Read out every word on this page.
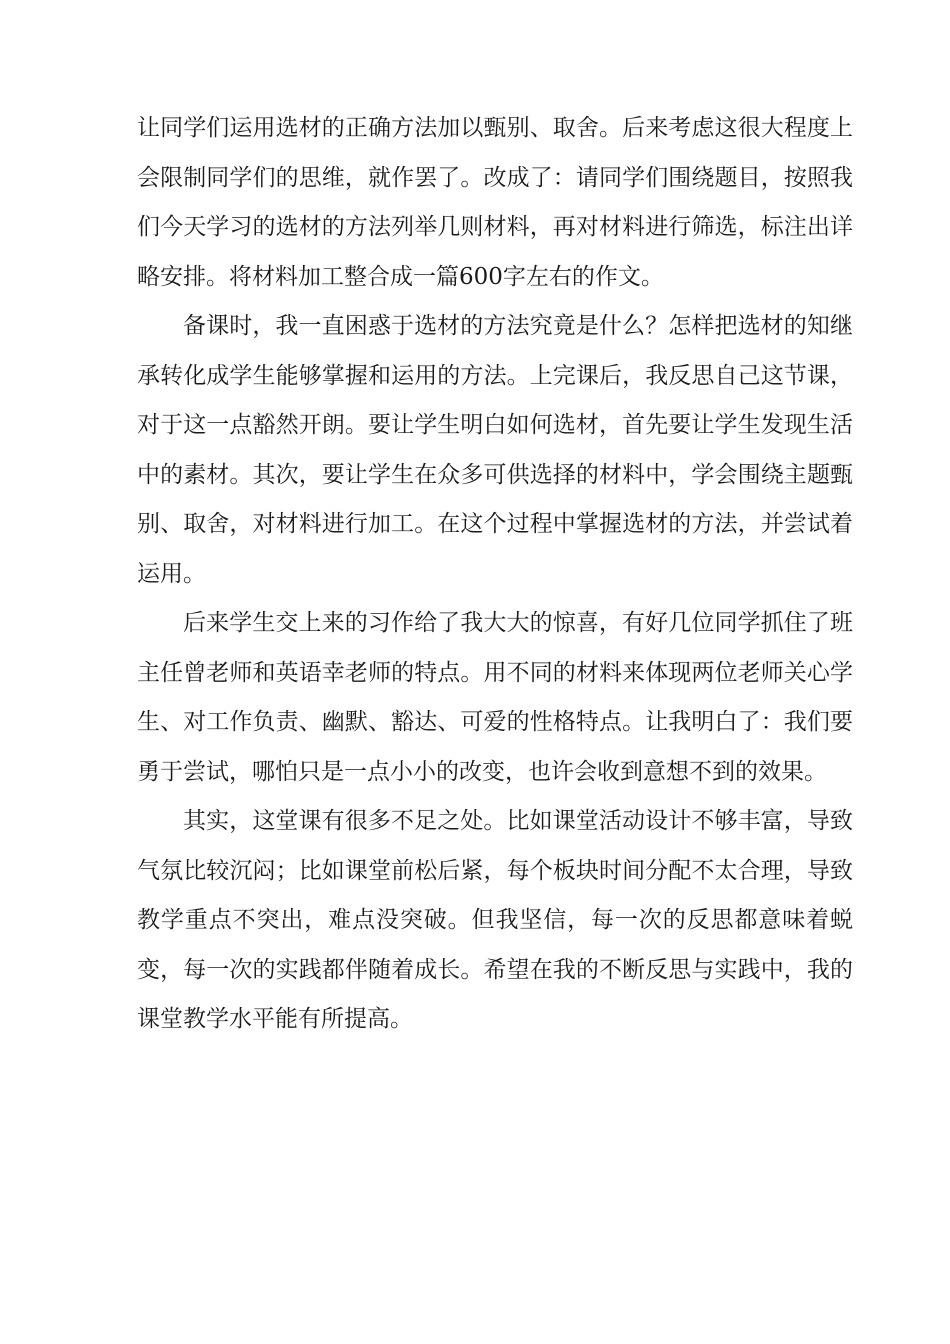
让同学们运用选材的正确方法加以甄别、取舍。后来考虑这很大程度上会限制同学们的思维，就作罢了。改成了：请同学们围绕题目，按照我们今天学习的选材的方法列举几则材料，再对材料进行筛选，标注出详略安排。将材料加工整合成一篇600字左右的作文。

备课时，我一直困惑于选材的方法究竟是什么？怎样把选材的知继承转化成学生能够掌握和运用的方法。上完课后，我反思自己这节课，对于这一点豁然开朗。要让学生明白如何选材，首先要让学生发现生活中的素材。其次，要让学生在众多可供选择的材料中，学会围绕主题甄别、取舍，对材料进行加工。在这个过程中掌握选材的方法，并尝试着运用。

后来学生交上来的习作给了我大大的惊喜，有好几位同学抓住了班主任曾老师和英语幸老师的特点。用不同的材料来体现两位老师关心学生、对工作负责、幽默、豁达、可爱的性格特点。让我明白了：我们要勇于尝试，哪怕只是一点小小的改变，也许会收到意想不到的效果。

其实，这堂课有很多不足之处。比如课堂活动设计不够丰富，导致气氛比较沉闷；比如课堂前松后紧，每个板块时间分配不太合理，导致教学重点不突出，难点没突破。但我坚信，每一次的反思都意味着蜕变，每一次的实践都伴随着成长。希望在我的不断反思与实践中，我的课堂教学水平能有所提高。
